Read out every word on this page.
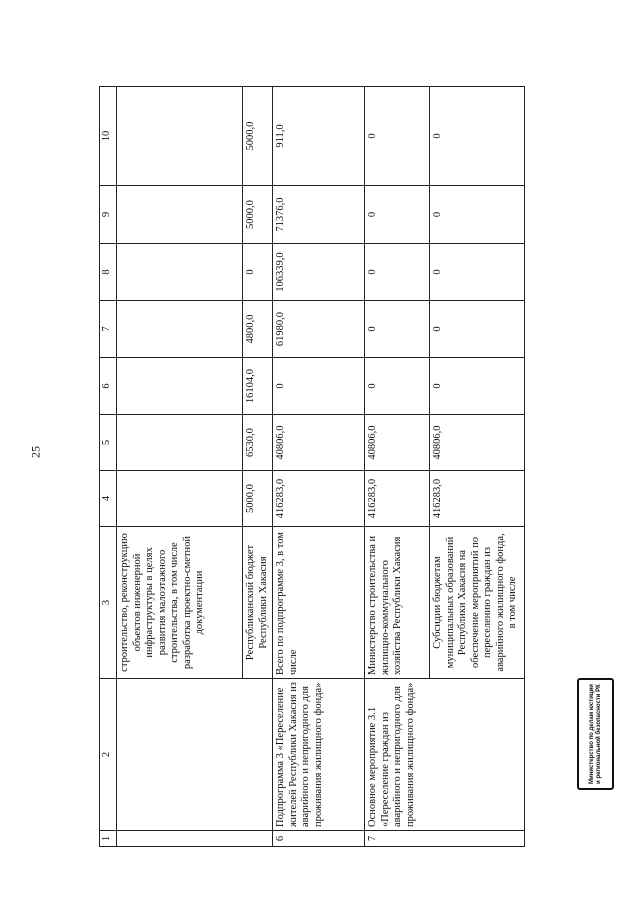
25
1	2	3	4	5	6	7	8	9	10
		строительство, реконструкцию объектов инженерной инфраструктуры в целях развития малоэтажного строительства, в том числе разработка проектно-сметной документации							
		Республиканский бюджет Республики Хакасия	5000,0	6530,0	16104,0	4800,0	0	5000,0	5000,0
6	Подпрограмма 3 «Переселение жителей Республики Хакасия из аварийного и непригодного для проживания жилищного фонда»	Всего по подпрограмме 3, в том числе	416283,0	40806,0	0	61980,0	106339,0	71376,0	911,0
7	Основное мероприятие 3.1 «Переселение граждан из аварийного и непригодного для проживания жилищного фонда»	Министерство строительства и жилищно-коммунального хозяйства Республики Хакасия	416283,0	40806,0	0	0	0	0	0
		Субсидии бюджетам муниципальных образований Республики Хакасия на обеспечение мероприятий по переселению граждан из аварийного жилищного фонда, в том числе	416283,0	40806,0	0	0	0	0	0
Министерство по делам юстиции и региональной безопасности РК
